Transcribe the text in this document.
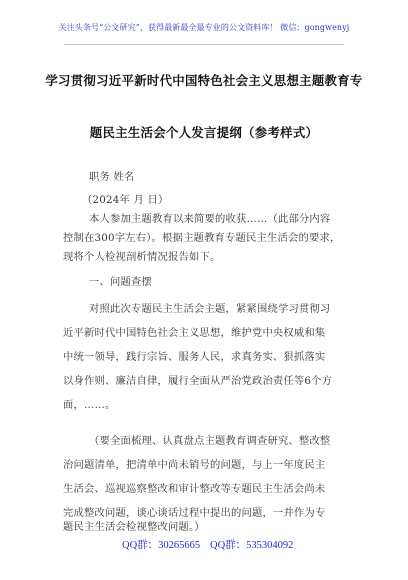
关注头条号“公文研究”，获得最新最全最专业的公文资料库！ 微信：gongwenyj
学习贯彻习近平新时代中国特色社会主义思想主题教育专
题民主生活会个人发言提纲（参考样式）
职务 姓名
（2024年 月 日）
本人参加主题教育以来简要的收获……（此部分内容
控制在300字左右）。根据主题教育专题民主生活会的要求，
现将个人检视剖析情况报告如下。
一、问题查摆
对照此次专题民主生活会主题，紧紧围绕学习贯彻习
近平新时代中国特色社会主义思想，维护党中央权威和集
中统一领导，践行宗旨、服务人民，求真务实、狠抓落实
以身作则、廉洁自律，履行全面从严治党政治责任等6个方
面，……。
（要全面梳理、认真盘点主题教育调查研究、整改整
治问题清单，把清单中尚未销号的问题，与上一年度民主
生活会、巡视巡察整改和审计整改等专题民主生活会尚未
完成整改问题，谈心谈话过程中提出的问题，一并作为专
题民主生活会检视整改问题。）
QQ群：30265665 QQ群：535304092
